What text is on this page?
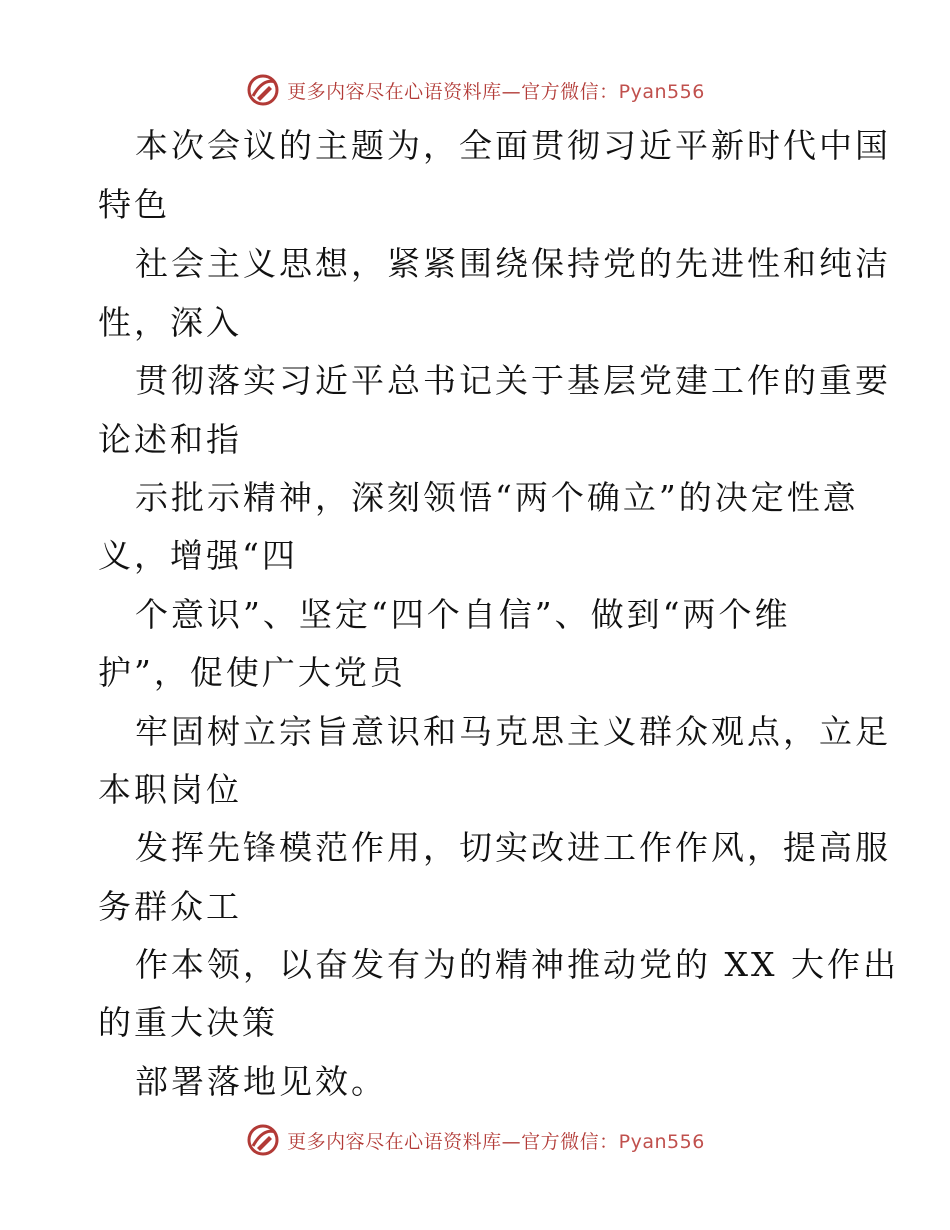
更多内容尽在心语资料库—官方微信：Pyan556
本次会议的主题为，全面贯彻习近平新时代中国
特色
社会主义思想，紧紧围绕保持党的先进性和纯洁
性，深入
贯彻落实习近平总书记关于基层党建工作的重要
论述和指
示批示精神，深刻领悟“两个确立”的决定性意
义，增强“四
个意识”、坚定“四个自信”、做到“两个维
护”，促使广大党员
牢固树立宗旨意识和马克思主义群众观点，立足
本职岗位
发挥先锋模范作用，切实改进工作作风，提高服
务群众工
作本领，以奋发有为的精神推动党的 XX 大作出
的重大决策
部署落地见效。
更多内容尽在心语资料库—官方微信：Pyan556
